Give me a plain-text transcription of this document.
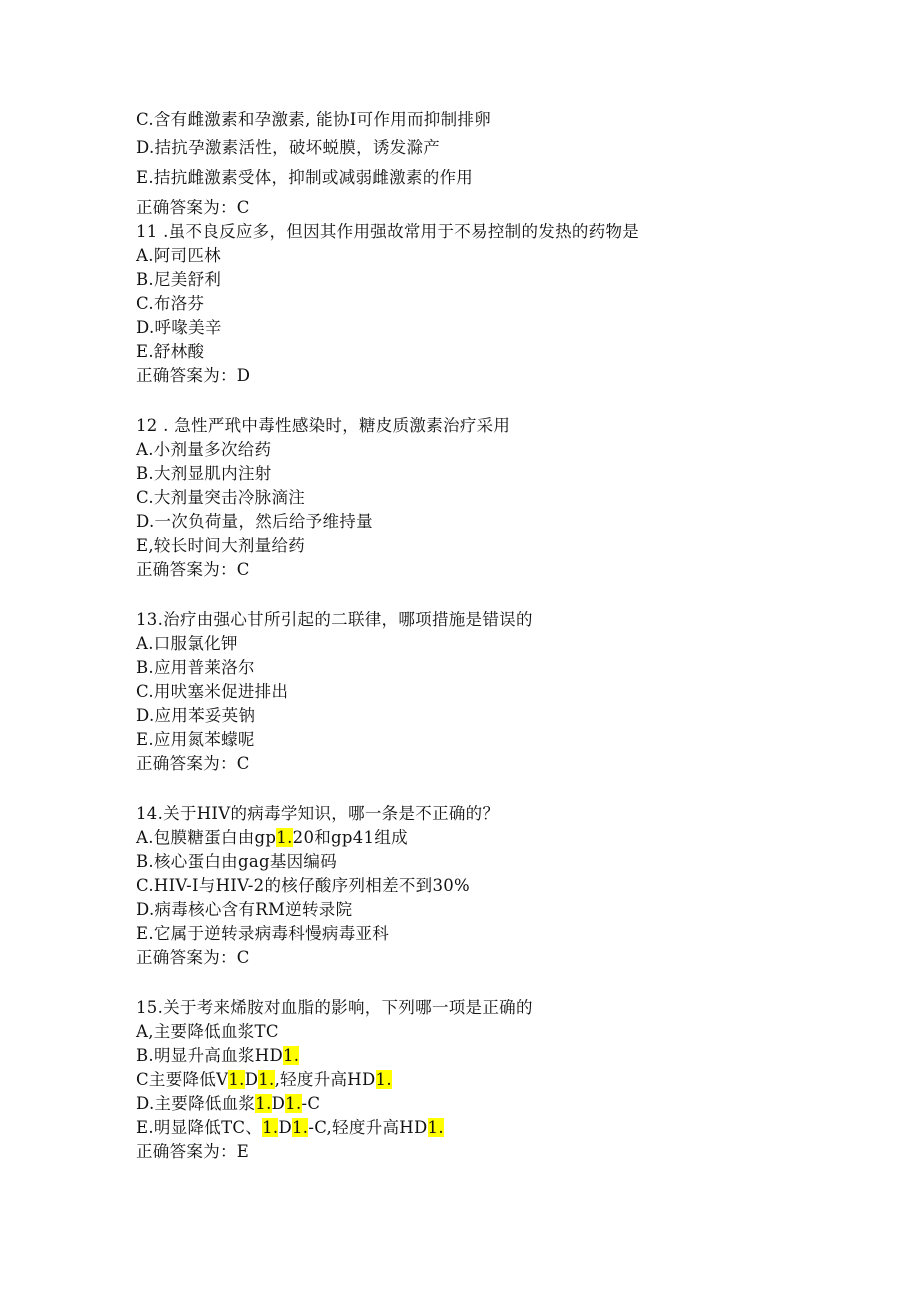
C.含有雌激素和孕激素, 能协I可作用而抑制排卵
D.拮抗孕激素活性，破坏蜕膜，诱发滁产
E.拮抗雌激素受体，抑制或减弱雌激素的作用
正确答案为：C
11 .虽不良反应多，但因其作用强故常用于不易控制的发热的药物是
A.阿司匹林
B.尼美舒利
C.布洛芬
D.呼喙美辛
E.舒林酸
正确答案为：D
12 . 急性严玳中毒性感染时，糖皮质激素治疗采用
A.小剂量多次给药
B.大剂显肌内注射
C.大剂量突击冷脉滴注
D.一次负荷量，然后给予维持量
E,较长时间大剂量给药
正确答案为：C
13.治疗由强心甘所引起的二联律，哪项措施是错误的
A.口服氯化钾
B.应用普莱洛尔
C.用吠塞米促进排出
D.应用苯妥英钠
E.应用氮苯蠓呢
正确答案为：C
14.关于HIV的病毒学知识，哪一条是不正确的？
A.包膜糖蛋白由gp1.20和gp41组成
B.核心蛋白由gag基因编码
C.HIV-I与HIV-2的核仔酸序列相差不到30%
D.病毒核心含有RM逆转录院
E.它属于逆转录病毒科慢病毒亚科
正确答案为：C
15.关于考来烯胺对血脂的影响，下列哪一项是正确的
A,主要降低血浆TC
B.明显升高血浆HD1.
C主要降低V1.D1.,轻度升高HD1.
D.主要降低血浆1.D1.-C
E.明显降低TC、1.D1.-C,轻度升高HD1.
正确答案为：E
